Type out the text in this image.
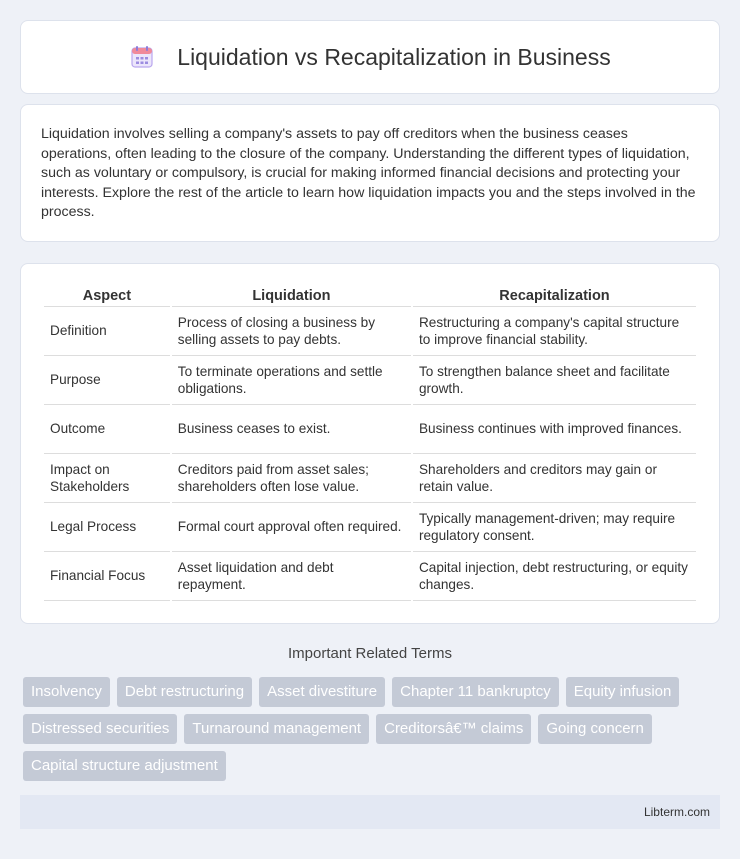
Liquidation vs Recapitalization in Business

Liquidation involves selling a company's assets to pay off creditors when the business ceases operations, often leading to the closure of the company. Understanding the different types of liquidation, such as voluntary or compulsory, is crucial for making informed financial decisions and protecting your interests. Explore the rest of the article to learn how liquidation impacts you and the steps involved in the process.

Aspect	Liquidation	Recapitalization
Definition	Process of closing a business by selling assets to pay debts.	Restructuring a company's capital structure to improve financial stability.
Purpose	To terminate operations and settle obligations.	To strengthen balance sheet and facilitate growth.
Outcome	Business ceases to exist.	Business continues with improved finances.
Impact on Stakeholders	Creditors paid from asset sales; shareholders often lose value.	Shareholders and creditors may gain or retain value.
Legal Process	Formal court approval often required.	Typically management-driven; may require regulatory consent.
Financial Focus	Asset liquidation and debt repayment.	Capital injection, debt restructuring, or equity changes.
Important Related Terms
Insolvency	Debt restructuring	Asset divestiture	Chapter 11 bankruptcy	Equity infusion
Distressed securities	Turnaround management	Creditorsâ€™ claims	Going concern
Capital structure adjustment
Libterm.com
